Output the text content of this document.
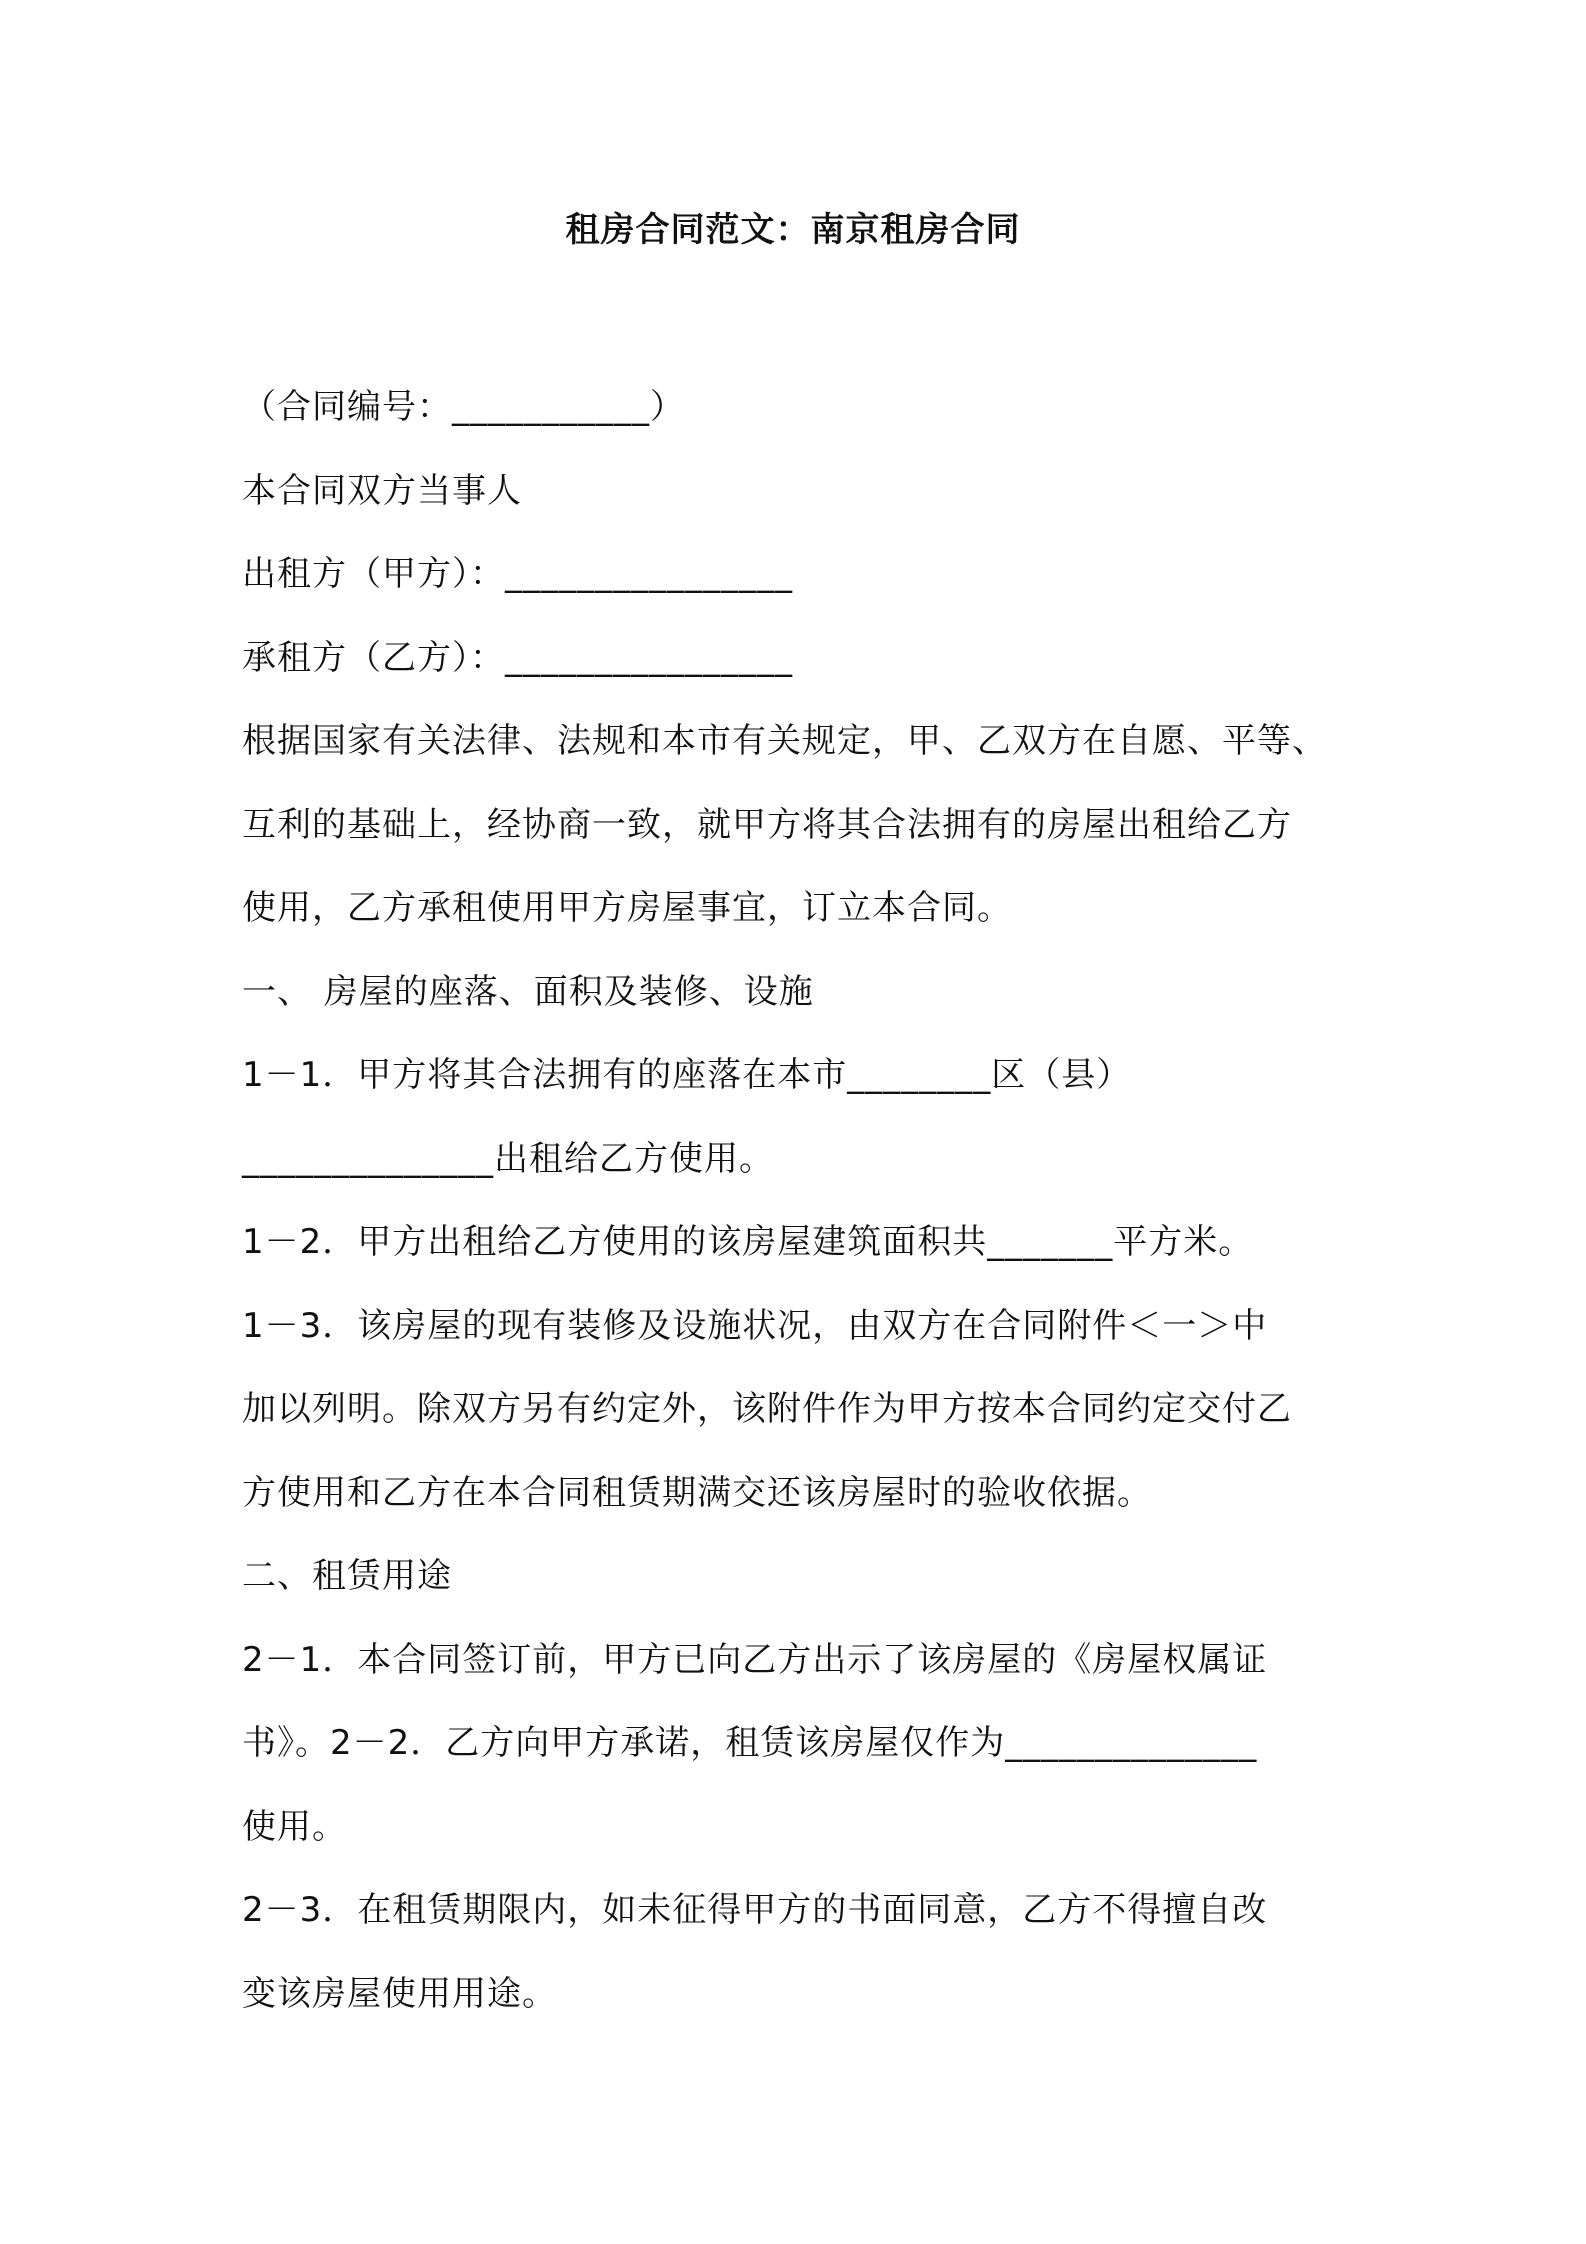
租房合同范文：南京租房合同
（合同编号：___________）
本合同双方当事人
出租方（甲方）：________________
承租方（乙方）：________________
根据国家有关法律、法规和本市有关规定，甲、乙双方在自愿、平等、
互利的基础上，经协商一致，就甲方将其合法拥有的房屋出租给乙方
使用，乙方承租使用甲方房屋事宜，订立本合同。
一、 房屋的座落、面积及装修、设施
1－1．甲方将其合法拥有的座落在本市________区（县）
______________出租给乙方使用。
1－2．甲方出租给乙方使用的该房屋建筑面积共_______平方米。
1－3．该房屋的现有装修及设施状况，由双方在合同附件＜一＞中
加以列明。除双方另有约定外，该附件作为甲方按本合同约定交付乙
方使用和乙方在本合同租赁期满交还该房屋时的验收依据。
二、租赁用途
2－1．本合同签订前，甲方已向乙方出示了该房屋的《房屋权属证
书》。2－2．乙方向甲方承诺，租赁该房屋仅作为______________
使用。
2－3．在租赁期限内，如未征得甲方的书面同意，乙方不得擅自改
变该房屋使用用途。
